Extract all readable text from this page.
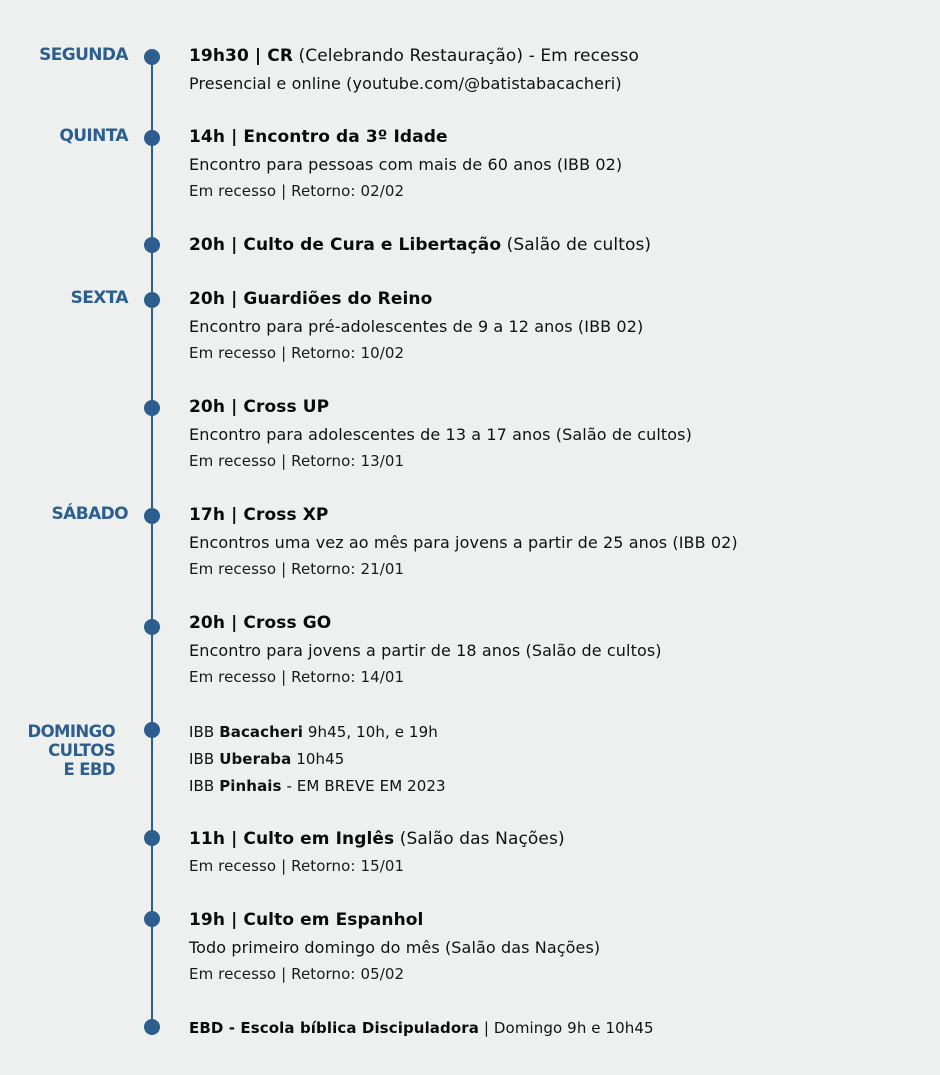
SEGUNDA	19h30 | CR (Celebrando Restauração) - Em recesso
Presencial e online (youtube.com/@batistabacacheri)
QUINTA	14h | Encontro da 3º Idade
Encontro para pessoas com mais de 60 anos (IBB 02)
Em recesso | Retorno: 02/02
20h | Culto de Cura e Libertação (Salão de cultos)
SEXTA	20h | Guardiões do Reino
Encontro para pré-adolescentes de 9 a 12 anos (IBB 02)
Em recesso | Retorno: 10/02
20h | Cross UP
Encontro para adolescentes de 13 a 17 anos (Salão de cultos)
Em recesso | Retorno: 13/01
SÁBADO	17h | Cross XP
Encontros uma vez ao mês para jovens a partir de 25 anos (IBB 02)
Em recesso | Retorno: 21/01
20h | Cross GO
Encontro para jovens a partir de 18 anos (Salão de cultos)
Em recesso | Retorno: 14/01
DOMINGO
CULTOS
E EBD
IBB Bacacheri 9h45, 10h, e 19h
IBB Uberaba 10h45
IBB Pinhais - EM BREVE EM 2023
11h | Culto em Inglês (Salão das Nações)
Em recesso | Retorno: 15/01
19h | Culto em Espanhol
Todo primeiro domingo do mês (Salão das Nações)
Em recesso | Retorno: 05/02
EBD - Escola bíblica Discipuladora | Domingo 9h e 10h45
